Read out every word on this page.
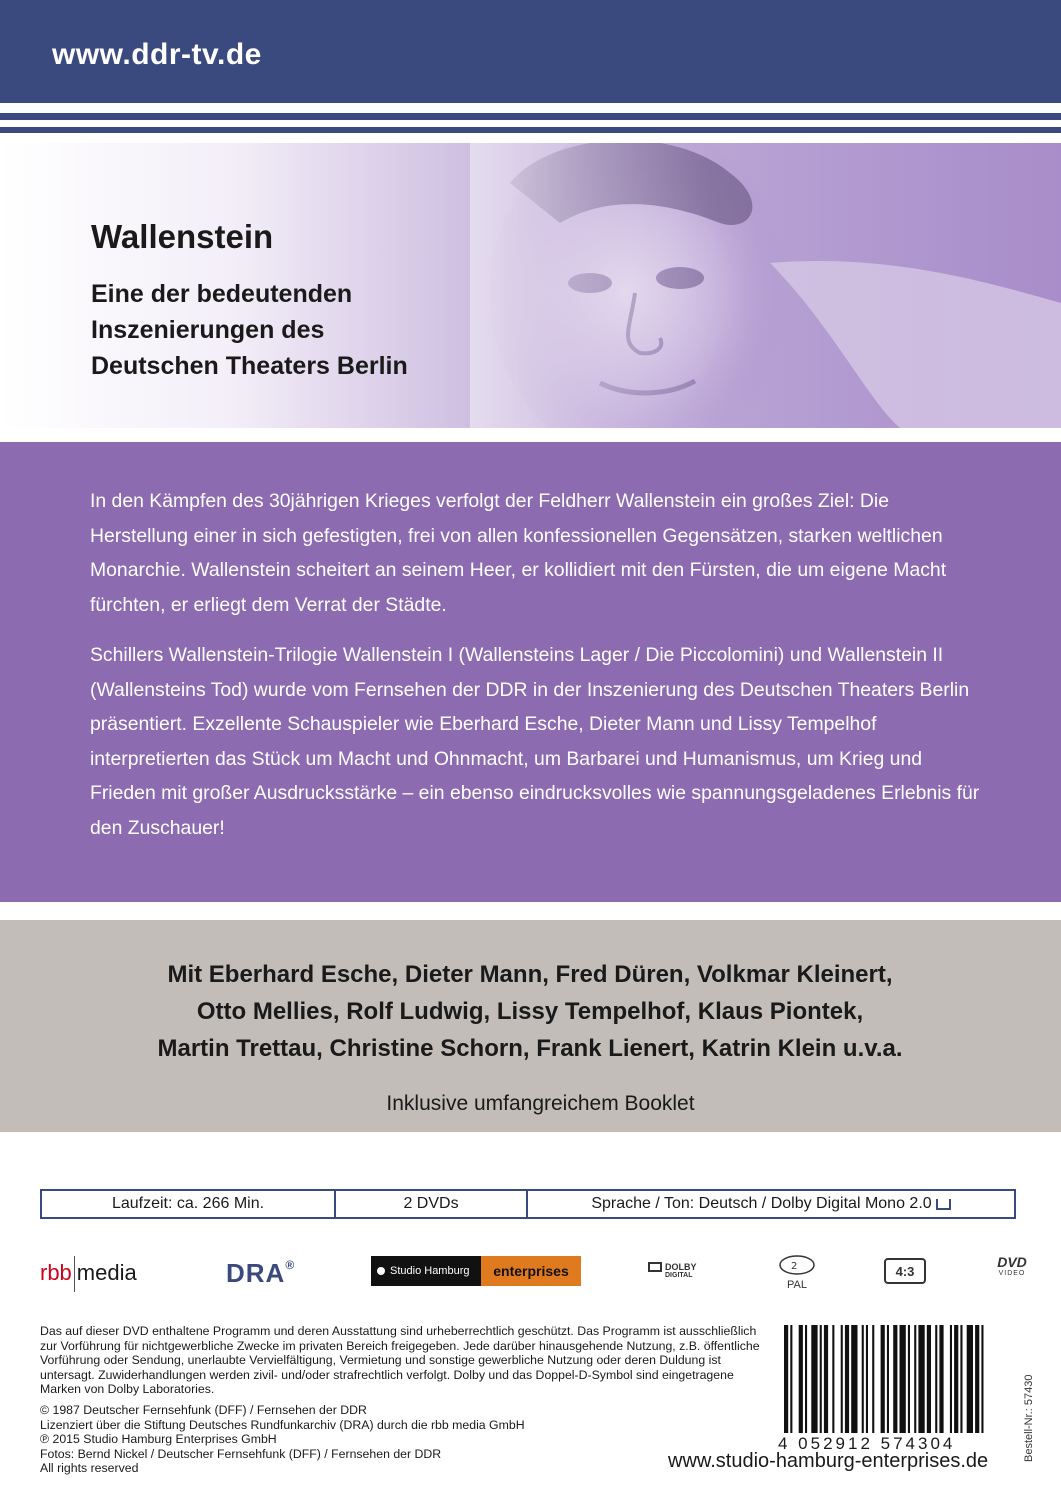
www.ddr-tv.de
Wallenstein
Eine der bedeutenden
Inszenierungen des
Deutschen Theaters Berlin

In den Kämpfen des 30jährigen Krieges verfolgt der Feldherr Wallenstein ein großes Ziel: Die Herstellung einer in sich gefestigten, frei von allen konfessionellen Gegensätzen, starken weltlichen Monarchie. Wallenstein scheitert an seinem Heer, er kollidiert mit den Fürsten, die um eigene Macht fürchten, er erliegt dem Verrat der Städte.

Schillers Wallenstein-Trilogie Wallenstein I (Wallensteins Lager / Die Piccolomini) und Wallenstein II (Wallensteins Tod) wurde vom Fernsehen der DDR in der Inszenierung des Deutschen Theaters Berlin präsentiert. Exzellente Schauspieler wie Eberhard Esche, Dieter Mann und Lissy Tempelhof interpretierten das Stück um Macht und Ohnmacht, um Barbarei und Humanismus, um Krieg und Frieden mit großer Ausdrucksstärke – ein ebenso eindrucksvolles wie spannungsgeladenes Erlebnis für den Zuschauer!

Mit Eberhard Esche, Dieter Mann, Fred Düren, Volkmar Kleinert,
Otto Mellies, Rolf Ludwig, Lissy Tempelhof, Klaus Piontek,
Martin Trettau, Christine Schorn, Frank Lienert, Katrin Klein u.v.a.
Inklusive umfangreichem Booklet
Laufzeit: ca. 266 Min.	2 DVDs	Sprache / Ton: Deutsch / Dolby Digital Mono 2.0
rbb media	DRA®	Studio Hamburg	enterprises	DOLBY
DIGITAL
2
PAL
4:3
DVD
VIDEO

Das auf dieser DVD enthaltene Programm und deren Ausstattung sind urheberrechtlich geschützt. Das Programm ist ausschließlich zur Vorführung für nichtgewerbliche Zwecke im privaten Bereich freigegeben. Jede darüber hinausgehende Nutzung, z.B. öffentliche Vorführung oder Sendung, unerlaubte Vervielfältigung, Vermietung und sonstige gewerbliche Nutzung oder deren Duldung ist untersagt. Zuwiderhandlungen werden zivil- und/oder strafrechtlich verfolgt. Dolby und das Doppel-D-Symbol sind eingetragene Marken von Dolby Laboratories.

© 1987 Deutscher Fernsehfunk (DFF) / Fernsehen der DDR
Lizenziert über die Stiftung Deutsches Rundfunkarchiv (DRA) durch die rbb media GmbH
℗ 2015 Studio Hamburg Enterprises GmbH
Fotos: Bernd Nickel / Deutscher Fernsehfunk (DFF) / Fernsehen der DDR
All rights reserved
4 052912 574304	Bestell-Nr.: 57430
www.studio-hamburg-enterprises.de
